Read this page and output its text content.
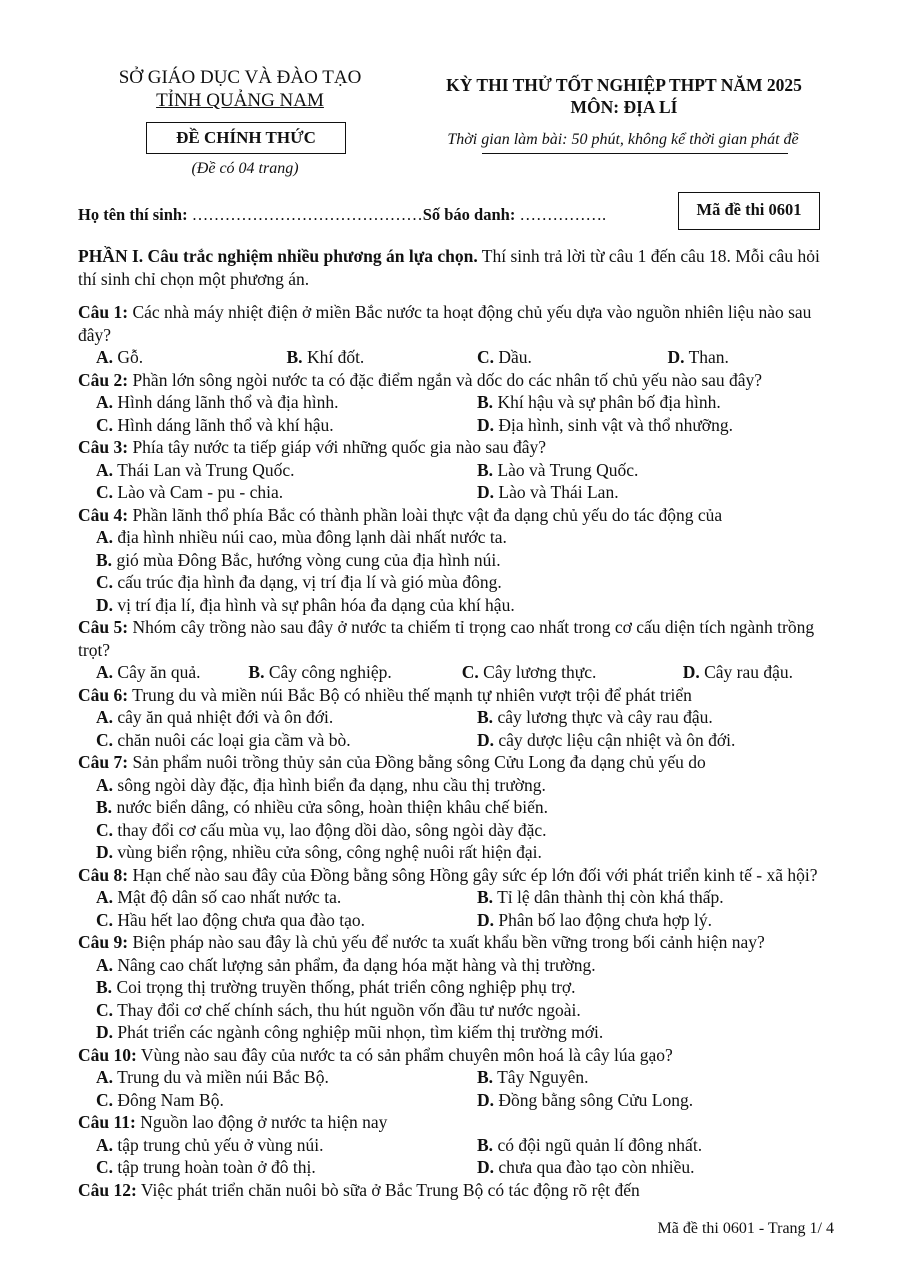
SỞ GIÁO DỤC VÀ ĐÀO TẠO
TỈNH QUẢNG NAM
ĐỀ CHÍNH THỨC
(Đề có 04 trang)
KỲ THI THỬ TỐT NGHIỆP THPT NĂM 2025
MÔN: ĐỊA LÍ
Thời gian làm bài: 50 phút, không kể thời gian phát đề
Họ tên thí sinh: ……………………………………Số báo danh: …………….	Mã đề thi 0601
PHẦN I. Câu trắc nghiệm nhiều phương án lựa chọn. Thí sinh trả lời từ câu 1 đến câu 18. Mỗi câu hỏi thí sinh chỉ chọn một phương án.
Câu 1: Các nhà máy nhiệt điện ở miền Bắc nước ta hoạt động chủ yếu dựa vào nguồn nhiên liệu nào sau đây?
A. Gỗ.	B. Khí đốt.	C. Dầu.	D. Than.
Câu 2: Phần lớn sông ngòi nước ta có đặc điểm ngắn và dốc do các nhân tố chủ yếu nào sau đây?
A. Hình dáng lãnh thổ và địa hình.	B. Khí hậu và sự phân bố địa hình.
C. Hình dáng lãnh thổ và khí hậu.	D. Địa hình, sinh vật và thổ nhưỡng.
Câu 3: Phía tây nước ta tiếp giáp với những quốc gia nào sau đây?
A. Thái Lan và Trung Quốc.	B. Lào và Trung Quốc.
C. Lào và Cam - pu - chia.	D. Lào và Thái Lan.
Câu 4: Phần lãnh thổ phía Bắc có thành phần loài thực vật đa dạng chủ yếu do tác động của
A. địa hình nhiều núi cao, mùa đông lạnh dài nhất nước ta.
B. gió mùa Đông Bắc, hướng vòng cung của địa hình núi.
C. cấu trúc địa hình đa dạng, vị trí địa lí và gió mùa đông.
D. vị trí địa lí, địa hình và sự phân hóa đa dạng của khí hậu.
Câu 5: Nhóm cây trồng nào sau đây ở nước ta chiếm tỉ trọng cao nhất trong cơ cấu diện tích ngành trồng trọt?
A. Cây ăn quả.	B. Cây công nghiệp.	C. Cây lương thực.	D. Cây rau đậu.
Câu 6: Trung du và miền núi Bắc Bộ có nhiều thế mạnh tự nhiên vượt trội để phát triển
A. cây ăn quả nhiệt đới và ôn đới.	B. cây lương thực và cây rau đậu.
C. chăn nuôi các loại gia cầm và bò.	D. cây dược liệu cận nhiệt và ôn đới.
Câu 7: Sản phẩm nuôi trồng thủy sản của Đồng bằng sông Cửu Long đa dạng chủ yếu do
A. sông ngòi dày đặc, địa hình biển đa dạng, nhu cầu thị trường.
B. nước biển dâng, có nhiều cửa sông, hoàn thiện khâu chế biến.
C. thay đổi cơ cấu mùa vụ, lao động dồi dào, sông ngòi dày đặc.
D. vùng biển rộng, nhiều cửa sông, công nghệ nuôi rất hiện đại.
Câu 8: Hạn chế nào sau đây của Đồng bằng sông Hồng gây sức ép lớn đối với phát triển kinh tế - xã hội?
A. Mật độ dân số cao nhất nước ta.	B. Tỉ lệ dân thành thị còn khá thấp.
C. Hầu hết lao động chưa qua đào tạo.	D. Phân bố lao động chưa hợp lý.
Câu 9: Biện pháp nào sau đây là chủ yếu để nước ta xuất khẩu bền vững trong bối cảnh hiện nay?
A. Nâng cao chất lượng sản phẩm, đa dạng hóa mặt hàng và thị trường.
B. Coi trọng thị trường truyền thống, phát triển công nghiệp phụ trợ.
C. Thay đổi cơ chế chính sách, thu hút nguồn vốn đầu tư nước ngoài.
D. Phát triển các ngành công nghiệp mũi nhọn, tìm kiếm thị trường mới.
Câu 10: Vùng nào sau đây của nước ta có sản phẩm chuyên môn hoá là cây lúa gạo?
A. Trung du và miền núi Bắc Bộ.	B. Tây Nguyên.
C. Đông Nam Bộ.	D. Đồng bằng sông Cửu Long.
Câu 11: Nguồn lao động ở nước ta hiện nay
A. tập trung chủ yếu ở vùng núi.	B. có đội ngũ quản lí đông nhất.
C. tập trung hoàn toàn ở đô thị.	D. chưa qua đào tạo còn nhiều.
Câu 12: Việc phát triển chăn nuôi bò sữa ở Bắc Trung Bộ có tác động rõ rệt đến
Mã đề thi 0601 - Trang 1/ 4
